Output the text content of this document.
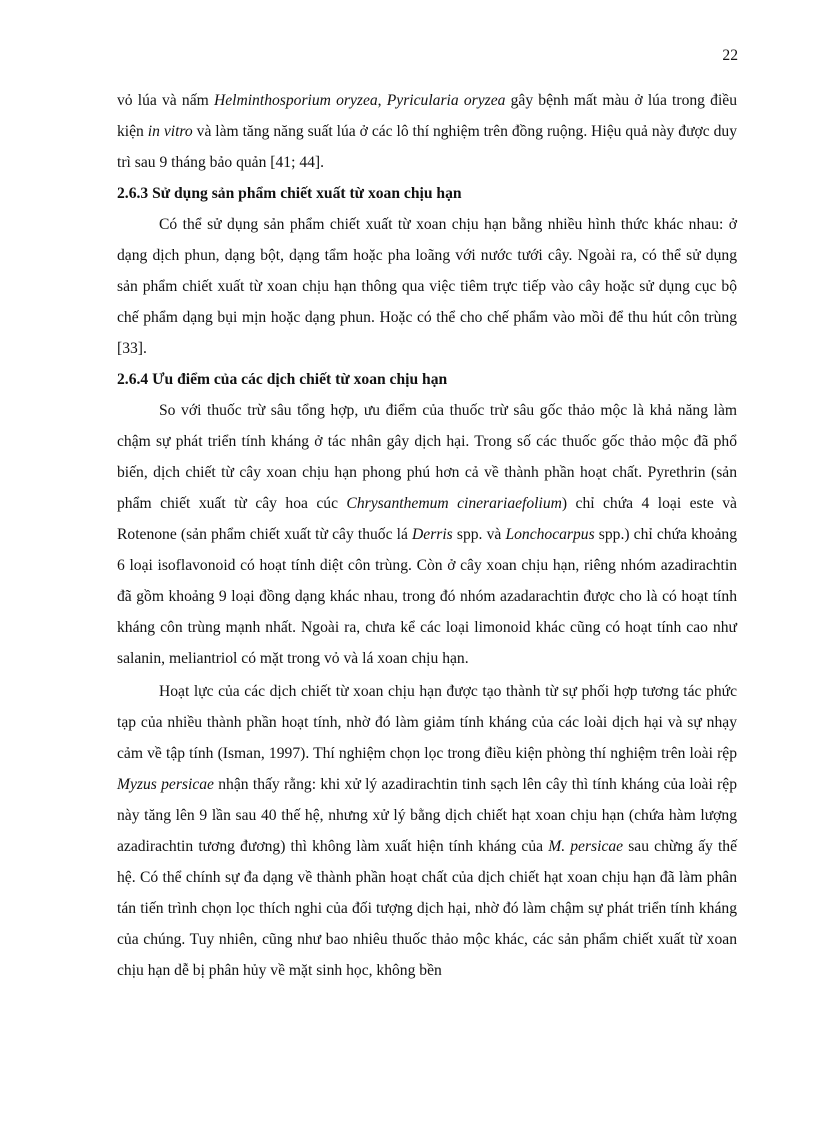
22

vỏ lúa và nấm Helminthosporium oryzea, Pyricularia oryzea gây bệnh mất màu ở lúa trong điều kiện in vitro và làm tăng năng suất lúa ở các lô thí nghiệm trên đồng ruộng. Hiệu quả này được duy trì sau 9 tháng bảo quản [41; 44].

2.6.3 Sử dụng sản phẩm chiết xuất từ xoan chịu hạn

Có thể sử dụng sản phẩm chiết xuất từ xoan chịu hạn bằng nhiều hình thức khác nhau: ở dạng dịch phun, dạng bột, dạng tẩm hoặc pha loãng với nước tưới cây. Ngoài ra, có thể sử dụng sản phẩm chiết xuất từ xoan chịu hạn thông qua việc tiêm trực tiếp vào cây hoặc sử dụng cục bộ chế phẩm dạng bụi mịn hoặc dạng phun. Hoặc có thể cho chế phẩm vào mồi để thu hút côn trùng [33].

2.6.4 Ưu điểm của các dịch chiết từ xoan chịu hạn

So với thuốc trừ sâu tổng hợp, ưu điểm của thuốc trừ sâu gốc thảo mộc là khả năng làm chậm sự phát triển tính kháng ở tác nhân gây dịch hại. Trong số các thuốc gốc thảo mộc đã phổ biến, dịch chiết từ cây xoan chịu hạn phong phú hơn cả về thành phần hoạt chất. Pyrethrin (sản phẩm chiết xuất từ cây hoa cúc Chrysanthemum cinerariaefolium) chỉ chứa 4 loại este và Rotenone (sản phẩm chiết xuất từ cây thuốc lá Derris spp. và Lonchocarpus spp.) chỉ chứa khoảng 6 loại isoflavonoid có hoạt tính diệt côn trùng. Còn ở cây xoan chịu hạn, riêng nhóm azadirachtin đã gồm khoảng 9 loại đồng dạng khác nhau, trong đó nhóm azadarachtin được cho là có hoạt tính kháng côn trùng mạnh nhất. Ngoài ra, chưa kể các loại limonoid khác cũng có hoạt tính cao như salanin, meliantriol có mặt trong vỏ và lá xoan chịu hạn.

Hoạt lực của các dịch chiết từ xoan chịu hạn được tạo thành từ sự phối hợp tương tác phức tạp của nhiều thành phần hoạt tính, nhờ đó làm giảm tính kháng của các loài dịch hại và sự nhạy cảm về tập tính (Isman, 1997). Thí nghiệm chọn lọc trong điều kiện phòng thí nghiệm trên loài rệp Myzus persicae nhận thấy rằng: khi xử lý azadirachtin tinh sạch lên cây thì tính kháng của loài rệp này tăng lên 9 lần sau 40 thế hệ, nhưng xử lý bằng dịch chiết hạt xoan chịu hạn (chứa hàm lượng azadirachtin tương đương) thì không làm xuất hiện tính kháng của M. persicae sau chừng ấy thế hệ. Có thể chính sự đa dạng về thành phần hoạt chất của dịch chiết hạt xoan chịu hạn đã làm phân tán tiến trình chọn lọc thích nghi của đối tượng dịch hại, nhờ đó làm chậm sự phát triển tính kháng của chúng. Tuy nhiên, cũng như bao nhiêu thuốc thảo mộc khác, các sản phẩm chiết xuất từ xoan chịu hạn dễ bị phân hủy về mặt sinh học, không bền
